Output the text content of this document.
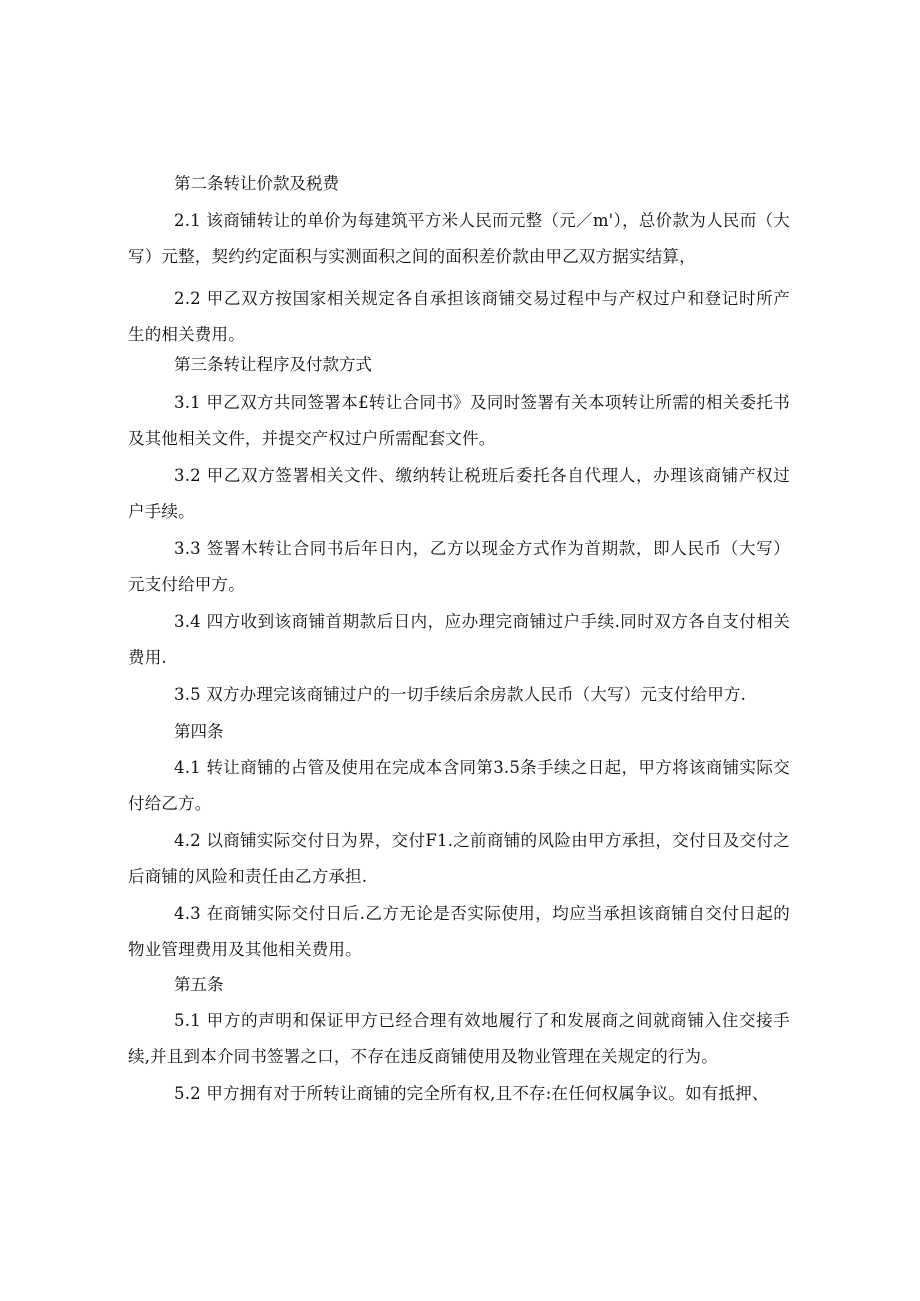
第二条转让价款及税费

2.1 该商铺转让的单价为每建筑平方米人民而元整（元／m'），总价款为人民而（大写）元整，契约约定面积与实测面积之间的面积差价款由甲乙双方据实结算，

2.2 甲乙双方按国家相关规定各自承担该商铺交易过程中与产权过户和登记时所产生的相关费用。

第三条转让程序及付款方式

3.1 甲乙双方共同签署本£转让合同书》及同时签署有关本项转让所需的相关委托书及其他相关文件，并提交产权过户所需配套文件。

3.2 甲乙双方签署相关文件、缴纳转让税班后委托各自代理人，办理该商铺产权过户手续。

3.3 签署木转让合同书后年日内，乙方以现金方式作为首期款，即人民币（大写）元支付给甲方。

3.4 四方收到该商铺首期款后日内，应办理完商铺过户手续.同时双方各自支付相关费用.

3.5 双方办理完该商铺过户的一切手续后余房款人民币（大写）元支付给甲方.

第四条

4.1 转让商铺的占管及使用在完成本含同第3.5条手续之日起，甲方将该商铺实际交付给乙方。

4.2 以商铺实际交付日为界，交付F1.之前商铺的风险由甲方承担，交付日及交付之后商铺的风险和责任由乙方承担.

4.3 在商铺实际交付日后.乙方无论是否实际使用，均应当承担该商铺自交付日起的物业管理费用及其他相关费用。

第五条

5.1 甲方的声明和保证甲方已经合理有效地履行了和发展商之间就商铺入住交接手续,并且到本介同书签署之口，不存在违反商铺使用及物业管理在关规定的行为。

5.2 甲方拥有对于所转让商铺的完全所有权,且不存:在任何权属争议。如有抵押、
